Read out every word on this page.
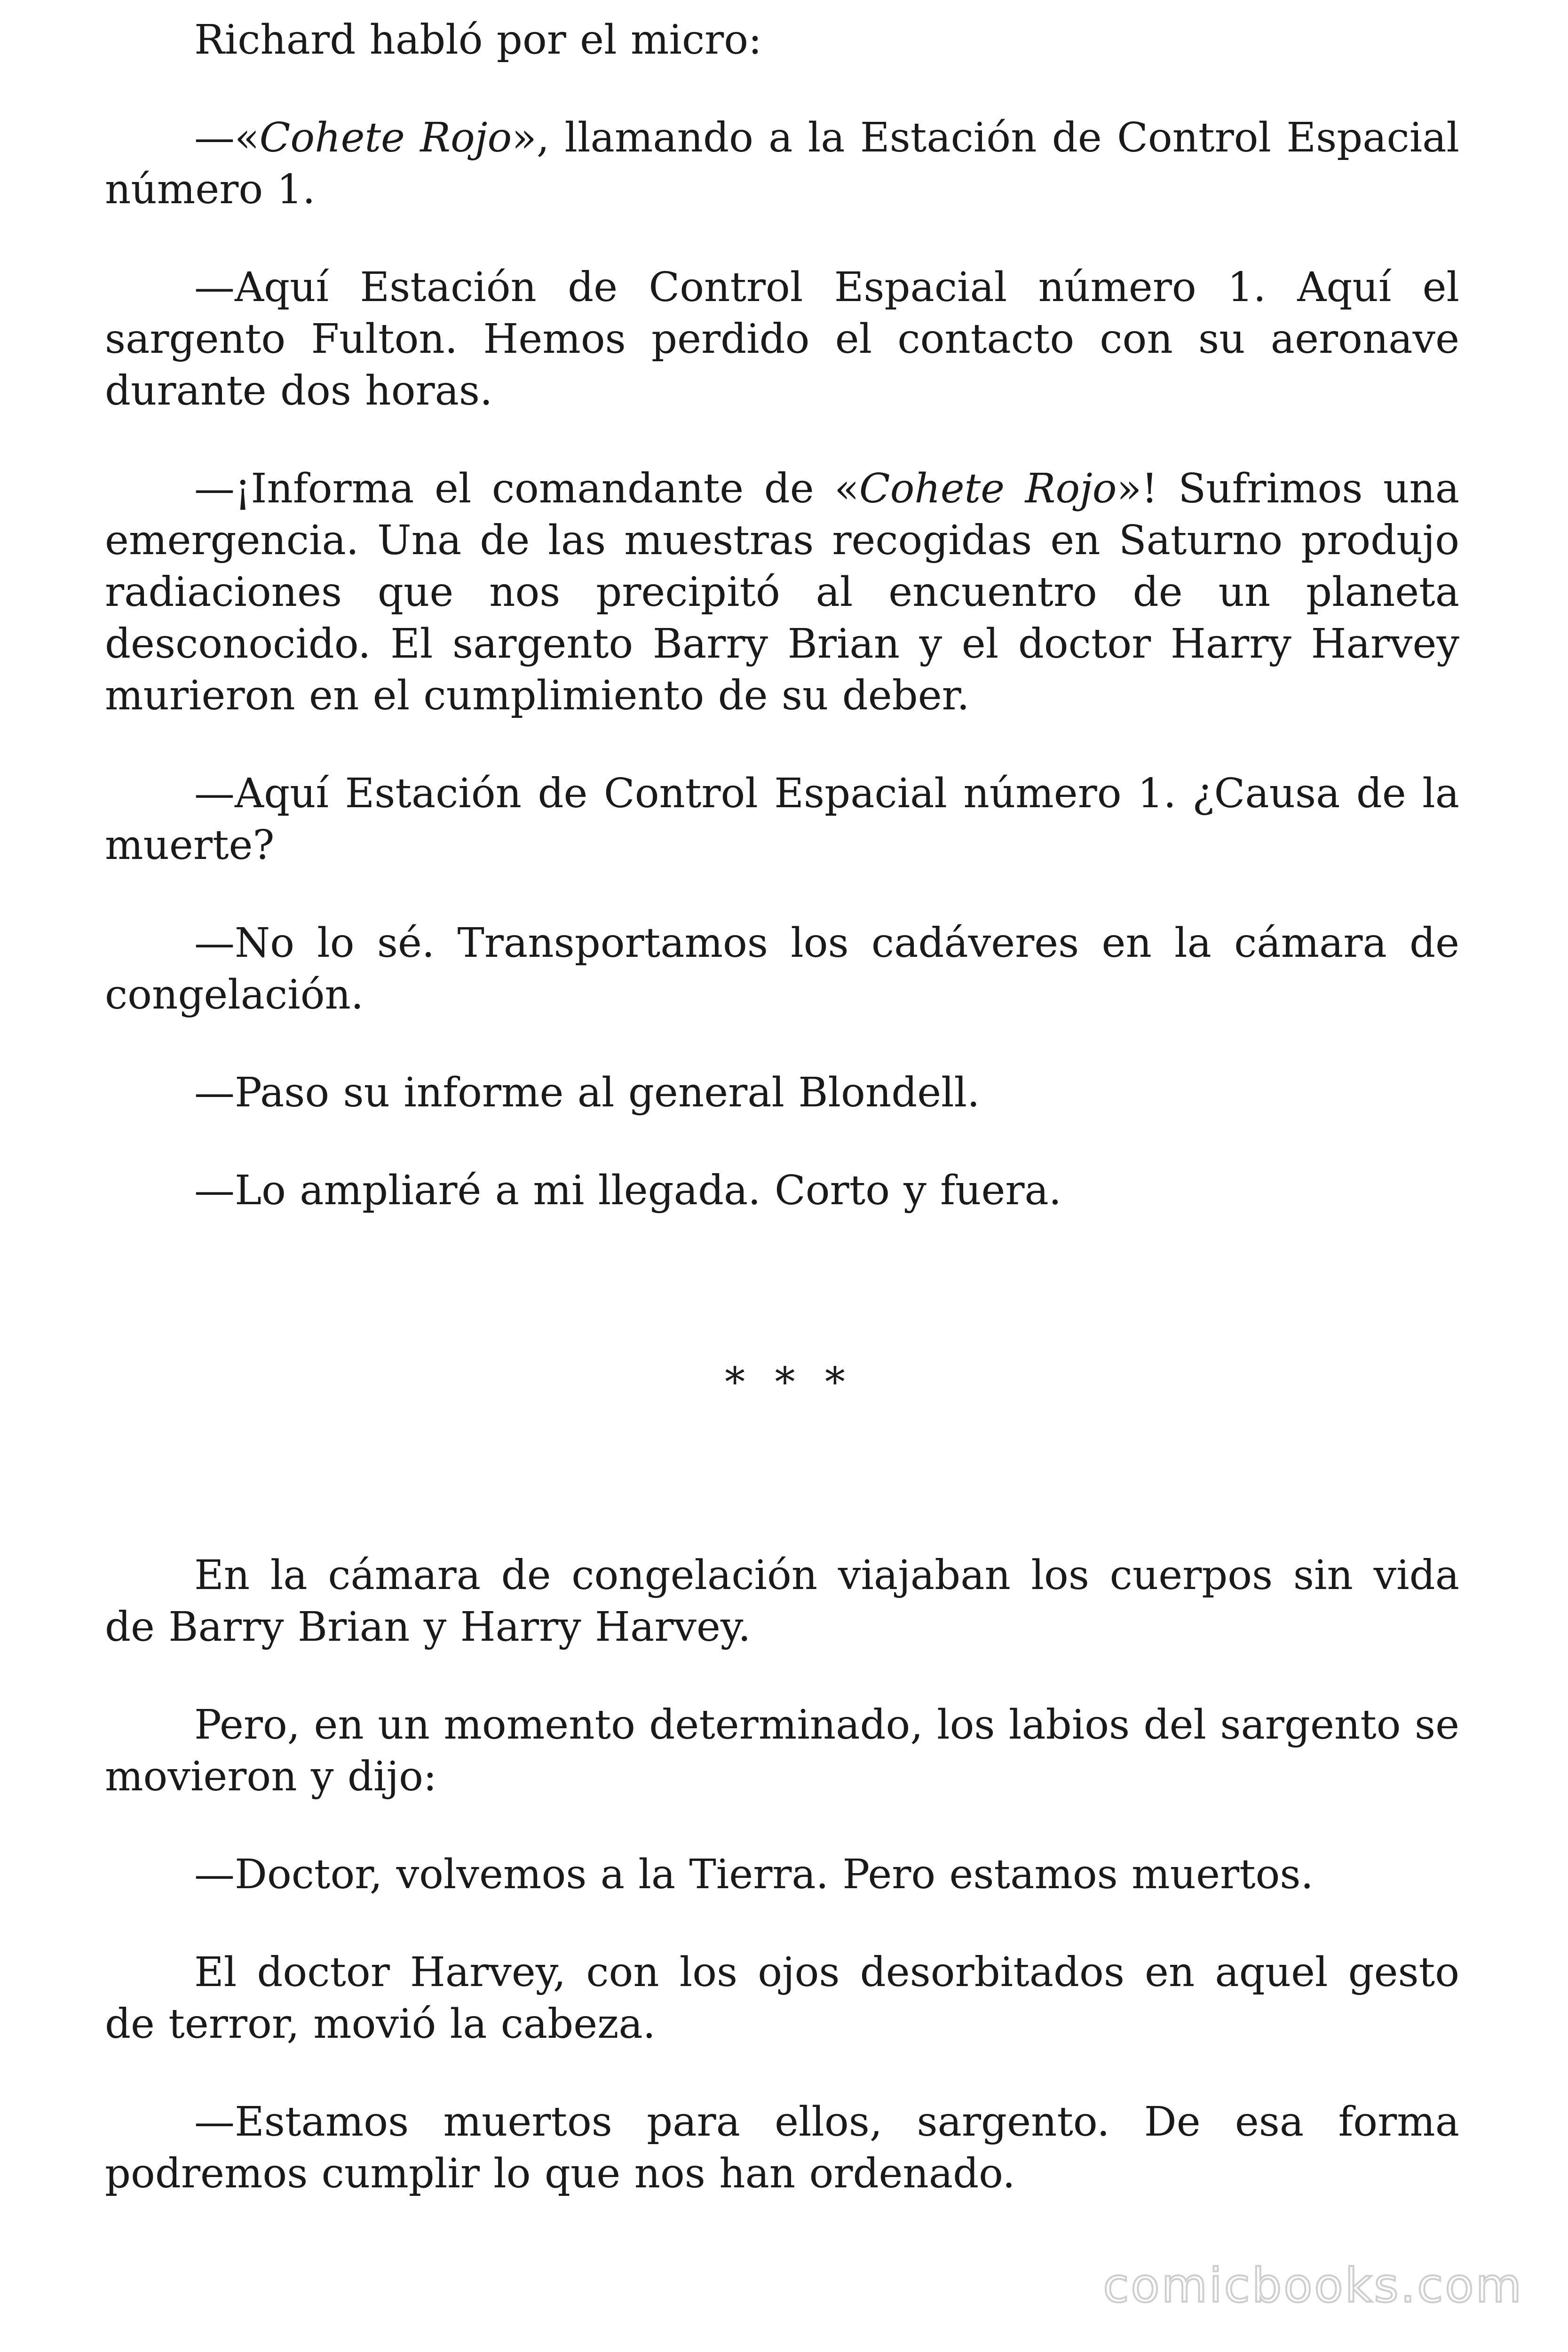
Richard habló por el micro:

—«Cohete Rojo», llamando a la Estación de Control Espacial número 1.

—Aquí Estación de Control Espacial número 1. Aquí el sargento Fulton. Hemos perdido el contacto con su aeronave durante dos horas.

—¡Informa el comandante de «Cohete Rojo»! Sufrimos una emergencia. Una de las muestras recogidas en Saturno produjo radiaciones que nos precipitó al encuentro de un planeta desconocido. El sargento Barry Brian y el doctor Harry Harvey murieron en el cumplimiento de su deber.

—Aquí Estación de Control Espacial número 1. ¿Causa de la muerte?

—No lo sé. Transportamos los cadáveres en la cámara de congelación.

—Paso su informe al general Blondell.

—Lo ampliaré a mi llegada. Corto y fuera.

* * *

En la cámara de congelación viajaban los cuerpos sin vida de Barry Brian y Harry Harvey.

Pero, en un momento determinado, los labios del sargento se movieron y dijo:

—Doctor, volvemos a la Tierra. Pero estamos muertos.

El doctor Harvey, con los ojos desorbitados en aquel gesto de terror, movió la cabeza.

—Estamos muertos para ellos, sargento. De esa forma podremos cumplir lo que nos han ordenado.

comicbooks.com
